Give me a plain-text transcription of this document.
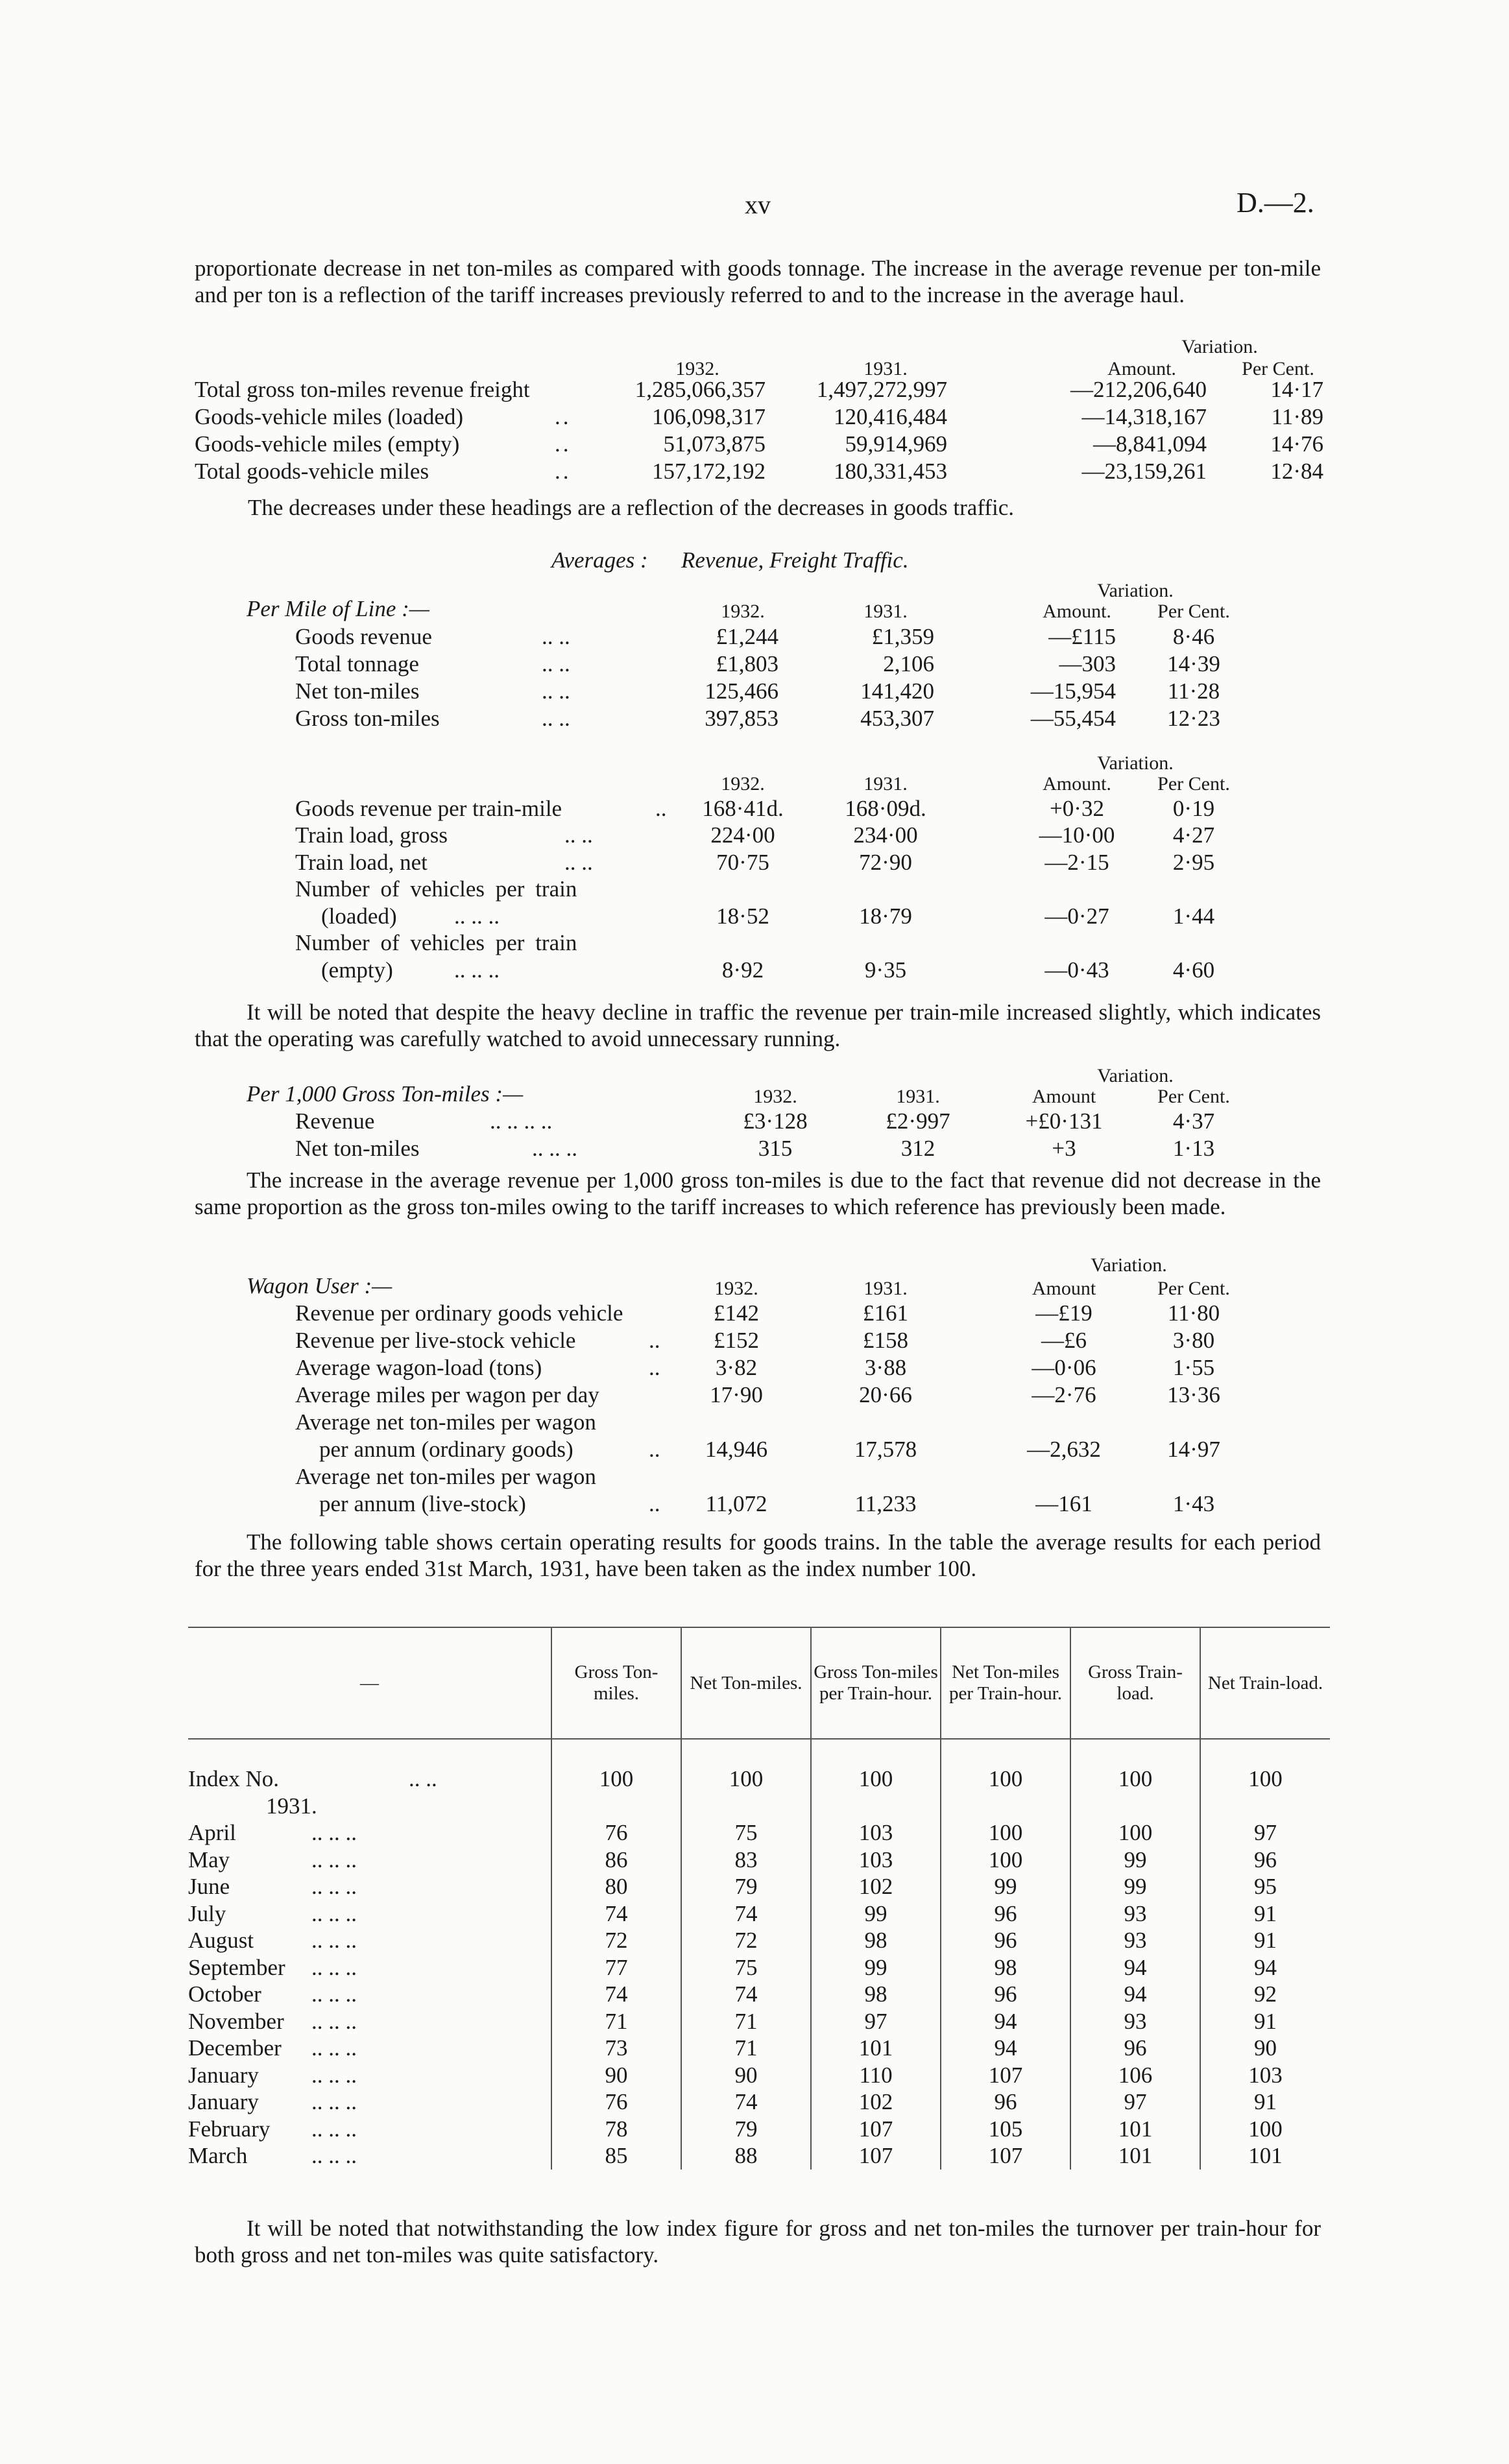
xv	D.—2.

proportionate decrease in net ton-miles as compared with goods tonnage. The increase in the average revenue per ton-mile and per ton is a reflection of the tariff increases previously referred to and to the increase in the average haul.

Variation.
1932.	1931.	Amount.	Per Cent.
Total gross ton-miles revenue freight	1,285,066,357	1,497,272,997	—212,206,640	14·17
Goods-vehicle miles (loaded)	..	106,098,317	120,416,484	—14,318,167	11·89
Goods-vehicle miles (empty)	..	51,073,875	59,914,969	—8,841,094	14·76
Total goods-vehicle miles	..	157,172,192	180,331,453	—23,159,261	12·84
The decreases under these headings are a reflection of the decreases in goods traffic.
Averages : Revenue, Freight Traffic.
Variation.
Per Mile of Line :—	1932.	1931.	Amount.	Per Cent.
Goods revenue	.. ..	£1,244	£1,359	—£115	8·46
Total tonnage	.. ..	£1,803	2,106	—303	14·39
Net ton-miles	.. ..	125,466	141,420	—15,954	11·28
Gross ton-miles	.. ..	397,853	453,307	—55,454	12·23
Variation.
1932.	1931.	Amount.	Per Cent.
Goods revenue per train-mile	..	168·41d.	168·09d.	+0·32	0·19
Train load, gross	.. ..	224·00	234·00	—10·00	4·27
Train load, net	.. ..	70·75	72·90	—2·15	2·95
Number of vehicles per train
(loaded)	.. .. ..	18·52	18·79	—0·27	1·44
Number of vehicles per train
(empty)	.. .. ..	8·92	9·35	—0·43	4·60

It will be noted that despite the heavy decline in traffic the revenue per train-mile increased slightly, which indicates that the operating was carefully watched to avoid unnecessary running.

Variation.
Per 1,000 Gross Ton-miles :—	1932.	1931.	Amount	Per Cent.
Revenue	.. .. .. ..	£3·128	£2·997	+£0·131	4·37
Net ton-miles	.. .. ..	315	312	+3	1·13

The increase in the average revenue per 1,000 gross ton-miles is due to the fact that revenue did not decrease in the same proportion as the gross ton-miles owing to the tariff increases to which reference has previously been made.

Variation.
Wagon User :—	1932.	1931.	Amount	Per Cent.
Revenue per ordinary goods vehicle	£142	£161	—£19	11·80
Revenue per live-stock vehicle	..	£152	£158	—£6	3·80
Average wagon-load (tons)	..	3·82	3·88	—0·06	1·55
Average miles per wagon per day	17·90	20·66	—2·76	13·36
Average net ton-miles per wagon
per annum (ordinary goods)	..	14,946	17,578	—2,632	14·97
Average net ton-miles per wagon
per annum (live-stock)	..	11,072	11,233	—161	1·43

The following table shows certain operating results for goods trains. In the table the average results for each period for the three years ended 31st March, 1931, have been taken as the index number 100.

—	Gross Ton-miles.	Net Ton-miles.	Gross Ton-miles per Train-hour.	Net Ton-miles per Train-hour.	Gross Train-load.	Net Train-load.

Index No. .. ..	100	100	100	100	100	100
1931.						
April .. .. ..	76	75	103	100	100	97
May .. .. ..	86	83	103	100	99	96
June .. .. ..	80	79	102	99	99	95
July .. .. ..	74	74	99	96	93	91
August .. .. ..	72	72	98	96	93	91
September .. .. ..	77	75	99	98	94	94
October .. .. ..	74	74	98	96	94	92
November .. .. ..	71	71	97	94	93	91
December .. .. ..	73	71	101	94	96	90
January .. .. ..	90	90	110	107	106	103
January .. .. ..	76	74	102	96	97	91
February .. .. ..	78	79	107	105	101	100
March .. .. ..	85	88	107	107	101	101

It will be noted that notwithstanding the low index figure for gross and net ton-miles the turnover per train-hour for both gross and net ton-miles was quite satisfactory.
